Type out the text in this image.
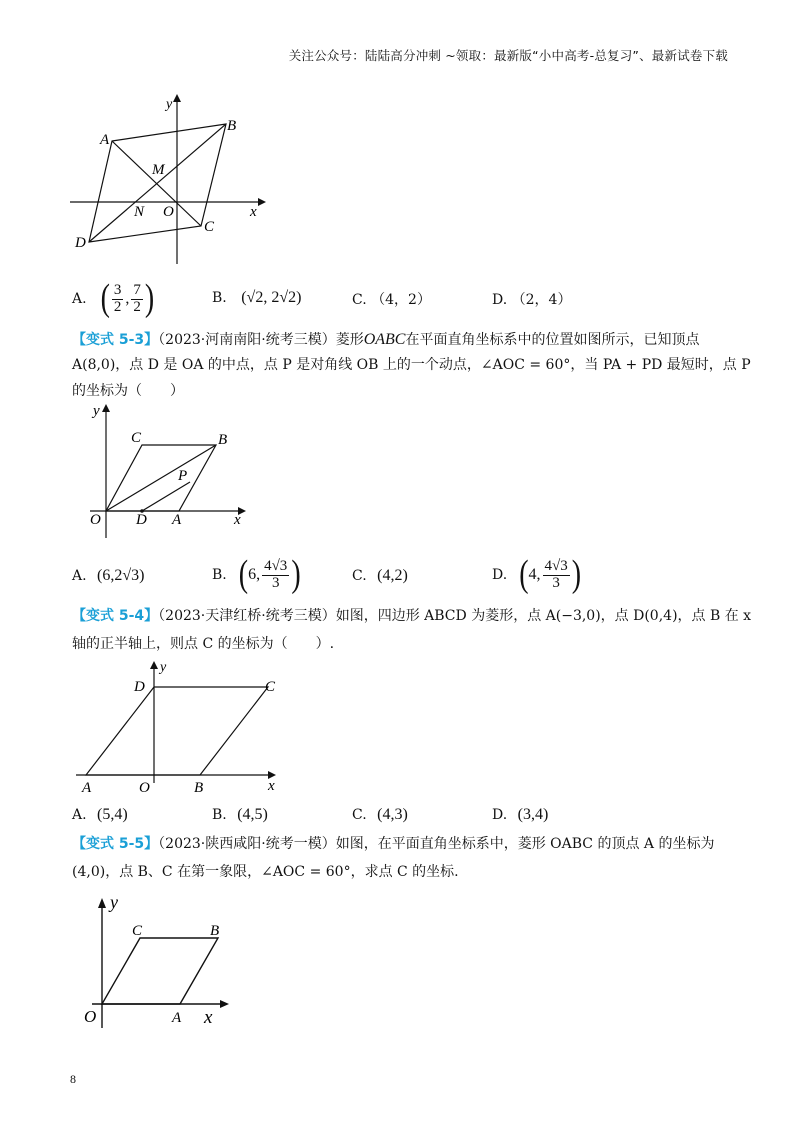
关注公众号：陆陆高分冲刺 ~领取：最新版“小中高考-总复习”、最新试卷下载
A
B
M
N O
C
D
x
y
A. ( $\frac{3}{2}$ , $\frac{7}{2}$ )	B. (√2, 2√2)	C. （4，2）	D. （2，4）
【变式 5-3】（2023·河南南阳·统考三模）菱形OABC在平面直角坐标系中的位置如图所示，已知顶点
A(8,0)，点 D 是 OA 的中点，点 P 是对角线 OB 上的一个动点，∠AOC = 60°，当 PA + PD 最短时，点 P
的坐标为（　　）
y
C	B
P
O D A	x
A. (6,2√3)	B. ( 6, $\frac{4√3}{3}$ )	C. (4,2)	D. ( 4, $\frac{4√3}{3}$ )
【变式 5-4】（2023·天津红桥·统考三模）如图，四边形 ABCD 为菱形，点 A(−3,0)，点 D(0,4)，点 B 在 x
轴的正半轴上，则点 C 的坐标为（　　）.
y
D	C
A	O	B	x
A. (5,4)	B. (4,5)	C. (4,3)	D. (3,4)
【变式 5-5】（2023·陕西咸阳·统考一模）如图，在平面直角坐标系中，菱形 OABC 的顶点 A 的坐标为
(4,0)，点 B、C 在第一象限，∠AOC = 60°，求点 C 的坐标.
y
C	B
O	A x
8
